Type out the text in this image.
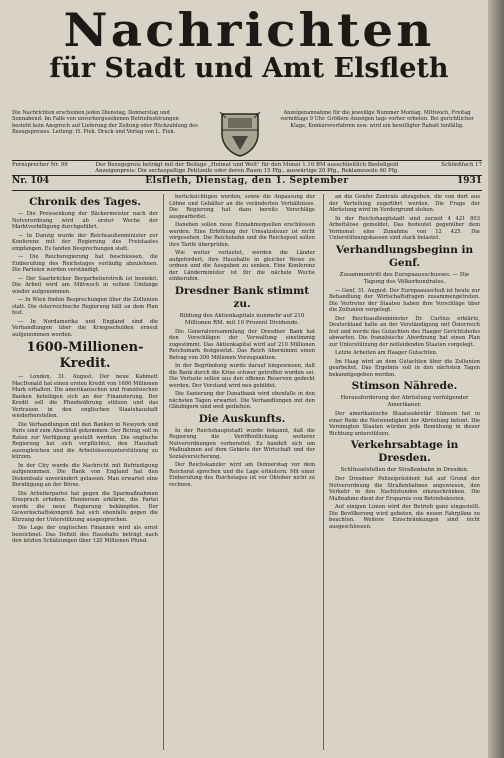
Nachrichten
für Stadt und Amt Elsfleth
Die Nachrichten erscheinen jeden Dienstag, Donnerstag und Sonnabend. Im Falle von unvorhergesehenen Betriebsstörungen besteht kein Anspruch auf Lieferung der Zeitung oder Rückzahlung des Bezugspreises. Leitung: H. Fiek. Druck und Verlag von L. Fiek.
Anzeigenannahme für die jeweilige Nummer Montag, Mittwoch, Freitag vormittags 9 Uhr. Größere Anzeigen tags vorher erbeten. Bei gerichtlicher Klage, Konkursverfahren usw. wird ein bewilligter Rabatt hinfällig.
Fernsprecher Nr. 99	Der Bezugspreis beträgt mit der Beilage „Heimat und Welt" für den Monat 1.10 RM ausschließlich Bestellgeld	Schließfach 17
Anzeigenpreis: Die sechsspaltige Petitzeile oder deren Raum 15 Pfg., auswärtige 20 Pfg., Reklamezeile 60 Pfg.
Nr. 104	Elsfleth, Dienstag, den 1. September	1931
Chronik des Tages.
— Die Preissenkung der Bäckermeister nach der Notverordnung wird ab erster Woche der Marktverbilligung durchgeführt.
— In Danzig wurde der Reichsaußenminister zur Konferenz mit der Regierung des Freistaates empfangen. Es fanden Besprechungen statt.
— Die Reichsregierung hat beschlossen, die Einberufung des Reichstages vorläufig abzulehnen. Die Parteien wurden verständigt.
— Der Saarbrücker Bergarbeiterstreik ist beendet. Die Arbeit wird am Mittwoch in vollem Umfange wieder aufgenommen.
— In Wien finden Besprechungen über die Zollunion statt. Die österreichische Regierung hält an dem Plan fest.
— In Nordamerika und England sind die Verhandlungen über die Kriegsschulden erneut aufgenommen worden.
1600-Millionen-Kredit.
— London, 31. August. Der neue Kabinett MacDonald hat einen ersten Kredit von 1600 Millionen Mark erhalten. Die amerikanischen und französischen Banken beteiligen sich an der Finanzierung. Der Kredit soll die Pfundwährung stützen und das Vertrauen in den englischen Staatshaushalt wiederherstellen.
Die Verhandlungen mit den Banken in Newyork und Paris sind zum Abschluß gekommen. Der Betrag soll in Raten zur Verfügung gestellt werden. Die englische Regierung hat sich verpflichtet, den Haushalt auszugleichen und die Arbeitslosenunterstützung zu kürzen.
In der City wurde die Nachricht mit Befriedigung aufgenommen. Die Bank von England hat den Diskontsatz unverändert gelassen. Man erwartet eine Beruhigung an der Börse.
Die Arbeiterpartei hat gegen die Sparmaßnahmen Einspruch erhoben. Henderson erklärte, die Partei werde die neue Regierung bekämpfen. Der Gewerkschaftskongreß hat sich ebenfalls gegen die Kürzung der Unterstützung ausgesprochen.
Die Lage der englischen Finanzen wird als ernst bezeichnet. Das Defizit des Haushalts beträgt nach den letzten Schätzungen über 120 Millionen Pfund.
berücksichtigen werden, sowie die Anpassung der Löhne und Gehälter an die veränderten Verhältnisse. Die Regierung hat dazu bereits Vorschläge ausgearbeitet.
Daneben sollen neue Einnahmequellen erschlossen werden. Eine Erhöhung der Umsatzsteuer ist nicht vorgesehen. Die Reichsbahn und die Reichspost sollen ihre Tarife überprüfen.
Wie weiter verlautet, werden die Länder aufgefordert, ihre Haushalte in gleicher Weise zu ordnen und die Ausgaben zu senken. Eine Konferenz der Länderminister ist für die nächste Woche einberufen.
Dresdner Bank stimmt zu.
Bildung des Aktienkapitals nunmehr auf 210 Millionen RM. mit 10 Prozent Dividende.
Die Generalversammlung der Dresdner Bank hat den Vorschlägen der Verwaltung einstimmig zugestimmt. Das Aktienkapital wird auf 210 Millionen Reichsmark festgesetzt. Das Reich übernimmt einen Betrag von 300 Millionen Vorzugsaktien.
In der Begründung wurde darauf hingewiesen, daß die Bank durch die Krise schwer getroffen worden sei. Die Verluste sollen aus den offenen Reserven gedeckt werden. Der Vorstand wird neu gebildet.
Die Sanierung der Danatbank wird ebenfalls in den nächsten Tagen erwartet. Die Verhandlungen mit den Gläubigern sind weit gediehen.
Die Auskunfts.
In der Reichshauptstadt wurde bekannt, daß die Regierung die Veröffentlichung weiterer Notverordnungen vorbereitet. Es handelt sich um Maßnahmen auf dem Gebiete der Wirtschaft und der Sozialversicherung.
Der Reichskanzler wird am Donnerstag vor dem Reichsrat sprechen und die Lage erläutern. Mit einer Einberufung des Reichstages ist vor Oktober nicht zu rechnen.
an die Genfer Zentrale abzugeben, die von dort aus der Verteilung zugeführt werden. Die Frage der Abrüstung wird im Vordergrund stehen.
In der Reichshauptstadt sind zurzeit 4 421 803 Arbeitslose gemeldet. Das bedeutet gegenüber dem Vormonat eine Zunahme von 12 425. Die Unterstützungskassen sind stark belastet.
Verhandlungsbeginn in Genf.
Zusammentritt des Europaausschusses. — Die Tagung des Völkerbundrates.
— Genf, 31. August. Der Europaausschuß ist heute zur Behandlung der Wirtschaftsfragen zusammengetreten. Die Vertreter der Staaten haben ihre Vorschläge über die Zollunion vorgelegt.
Der Reichsaußenminister Dr. Curtius erklärte, Deutschland halte an der Verständigung mit Österreich fest und werde das Gutachten des Haager Gerichtshofes abwarten. Die französische Abordnung hat einen Plan zur Unterstützung der notleidenden Staaten vorgelegt.
Letzte Arbeiten am Haager Gutachten.
Im Haag wird an dem Gutachten über die Zollunion gearbeitet. Das Ergebnis soll in den nächsten Tagen bekanntgegeben werden.
Stimson Nährede.
Herausforderung der Abrüstung verfolgender Amerikaner.
Der amerikanische Staatssekretär Stimson hat in einer Rede die Notwendigkeit der Abrüstung betont. Die Vereinigten Staaten würden jede Bemühung in dieser Richtung unterstützen.
Verkehrsabtage in Dresden.
Schlüsselstellen der Straßenbahn in Dresden.
Der Dresdner Polizeipräsident hat auf Grund der Notverordnung die Straßenbahnen angewiesen, den Verkehr in den Nachtstunden einzuschränken. Die Maßnahme dient der Ersparnis von Betriebskosten.
Auf einigen Linien wird der Betrieb ganz eingestellt. Die Bevölkerung wird gebeten, die neuen Fahrpläne zu beachten. Weitere Einschränkungen sind nicht ausgeschlossen.
